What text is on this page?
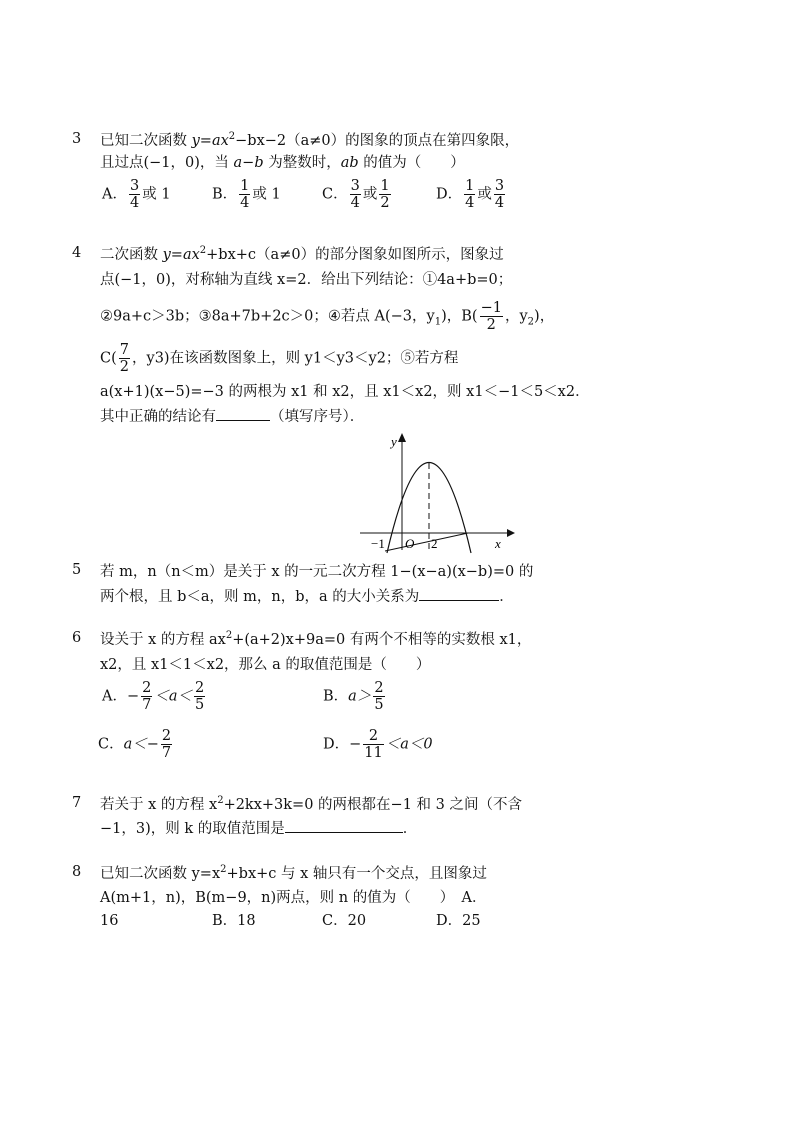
3 已知二次函数 $y=ax^2-bx-2(a\ne 0)$的图象的顶点在第四象限，
且过点(−1，0)，当 a−b 为整数时，ab 的值为（　　）
A． $\frac{3}{4}$ 或 1	B． $\frac{1}{4}$ 或 1	C． $\frac{3}{4}$ 或 $\frac{1}{2}$	D． $\frac{1}{4}$ 或 $\frac{3}{4}$
4 二次函数 $y=ax^2+bx+c(a\ne 0)$的部分图象如图所示，图象过
点(−1，0)，对称轴为直线 x=2．给出下列结论：①4a+b=0；
②9a+c＞3b；③8a+7b+2c＞0；④若点 A(−3，$y_1$)，$B( \frac{-1}{2}$ ，$y_2$)，
$C( \frac{7}{2}$ ，y3)在该函数图象上，则 y1＜y3＜y2；⑤若方程
a(x+1)(x−5)=−3 的两根为 x1 和 x2，且 x1＜x2，则 x1＜−1＜5＜x2．
其中正确的结论有	（填写序号）．
y
x
O
−1	2
5 若 m，n（n＜m）是关于 x 的一元二次方程 1−(x−a)(x−b)=0 的
两个根，且 b＜a，则 m，n，b，a 的大小关系为	．
6 设关于 x 的方程 $ax^2+(a+2)x+9a=0$ 有两个不相等的实数根 x1，
x2，且 x1＜1＜x2，那么 a 的取值范围是（　　）
A．− $\frac{2}{7} <a< \frac{2}{5}$	B．$a> \frac{2}{5}$
C．$a<- \frac{2}{7}$	D．− $\frac{2}{11} <a<0$
7 若关于 x 的方程 $x^2+2kx+3k=0$ 的两根都在−1 和 3 之间（不含
−1，3)，则 k 的取值范围是	．
8 已知二次函数 $y=x^2+bx+c$ 与 x 轴只有一个交点，且图象过
A(m+1，n)，B(m−9，n)两点，则 n 的值为（　　）　A．
16	B．18	C．20	D．25
